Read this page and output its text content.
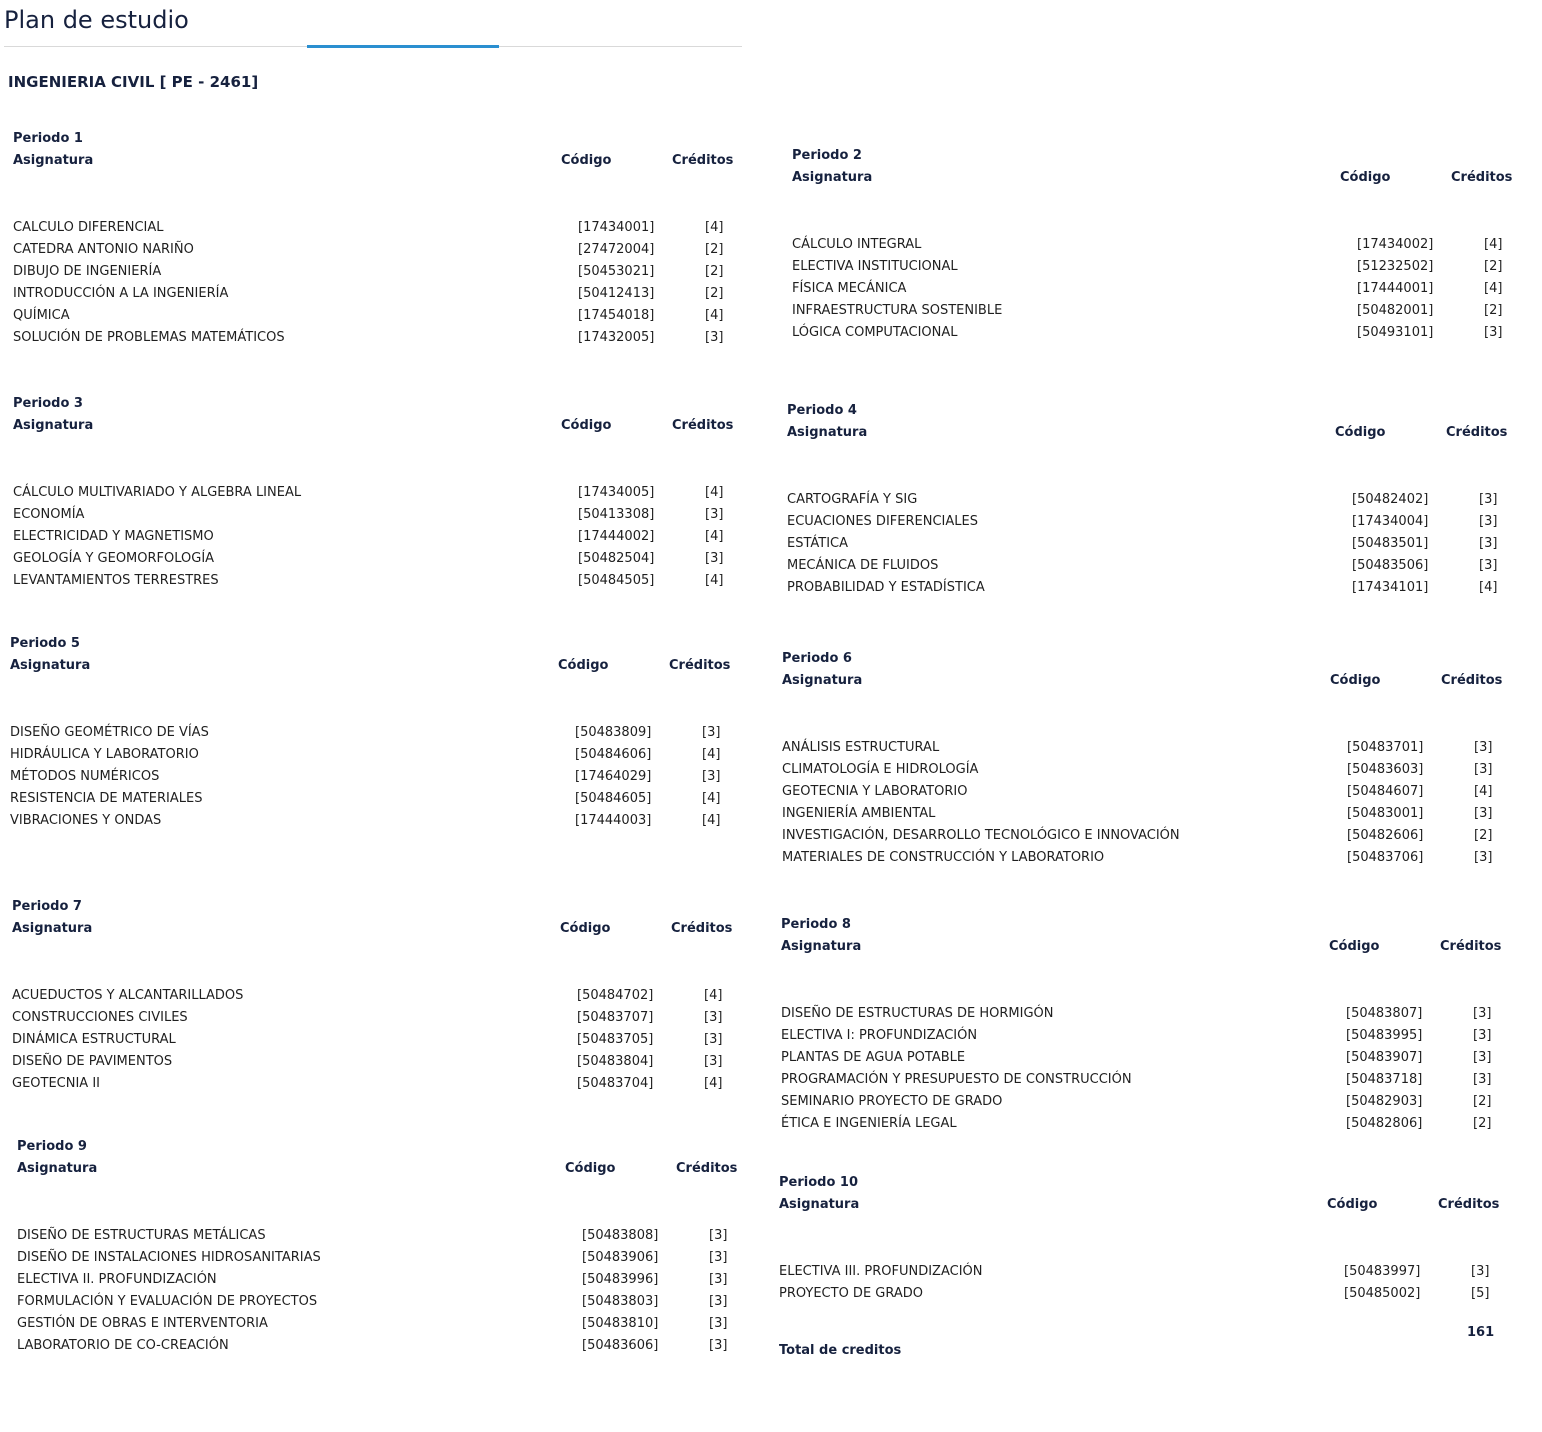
Plan de estudio
INGENIERIA CIVIL [ PE - 2461]
Periodo 1
Asignatura	Código	Créditos
CALCULO DIFERENCIAL	[17434001]	[4]
CATEDRA ANTONIO NARIÑO	[27472004]	[2]
DIBUJO DE INGENIERÍA	[50453021]	[2]
INTRODUCCIÓN A LA INGENIERÍA	[50412413]	[2]
QUÍMICA	[17454018]	[4]
SOLUCIÓN DE PROBLEMAS MATEMÁTICOS	[17432005]	[3]
Periodo 2
Asignatura	Código	Créditos
CÁLCULO INTEGRAL	[17434002]	[4]
ELECTIVA INSTITUCIONAL	[51232502]	[2]
FÍSICA MECÁNICA	[17444001]	[4]
INFRAESTRUCTURA SOSTENIBLE	[50482001]	[2]
LÓGICA COMPUTACIONAL	[50493101]	[3]
Periodo 3
Asignatura	Código	Créditos
CÁLCULO MULTIVARIADO Y ALGEBRA LINEAL	[17434005]	[4]
ECONOMÍA	[50413308]	[3]
ELECTRICIDAD Y MAGNETISMO	[17444002]	[4]
GEOLOGÍA Y GEOMORFOLOGÍA	[50482504]	[3]
LEVANTAMIENTOS TERRESTRES	[50484505]	[4]
Periodo 4
Asignatura	Código	Créditos
CARTOGRAFÍA Y SIG	[50482402]	[3]
ECUACIONES DIFERENCIALES	[17434004]	[3]
ESTÁTICA	[50483501]	[3]
MECÁNICA DE FLUIDOS	[50483506]	[3]
PROBABILIDAD Y ESTADÍSTICA	[17434101]	[4]
Periodo 5
Asignatura	Código	Créditos
DISEÑO GEOMÉTRICO DE VÍAS	[50483809]	[3]
HIDRÁULICA Y LABORATORIO	[50484606]	[4]
MÉTODOS NUMÉRICOS	[17464029]	[3]
RESISTENCIA DE MATERIALES	[50484605]	[4]
VIBRACIONES Y ONDAS	[17444003]	[4]
Periodo 6
Asignatura	Código	Créditos
ANÁLISIS ESTRUCTURAL	[50483701]	[3]
CLIMATOLOGÍA E HIDROLOGÍA	[50483603]	[3]
GEOTECNIA Y LABORATORIO	[50484607]	[4]
INGENIERÍA AMBIENTAL	[50483001]	[3]
INVESTIGACIÓN, DESARROLLO TECNOLÓGICO E INNOVACIÓN	[50482606]	[2]
MATERIALES DE CONSTRUCCIÓN Y LABORATORIO	[50483706]	[3]
Periodo 7
Asignatura	Código	Créditos
ACUEDUCTOS Y ALCANTARILLADOS	[50484702]	[4]
CONSTRUCCIONES CIVILES	[50483707]	[3]
DINÁMICA ESTRUCTURAL	[50483705]	[3]
DISEÑO DE PAVIMENTOS	[50483804]	[3]
GEOTECNIA II	[50483704]	[4]
Periodo 8
Asignatura	Código	Créditos
DISEÑO DE ESTRUCTURAS DE HORMIGÓN	[50483807]	[3]
ELECTIVA I: PROFUNDIZACIÓN	[50483995]	[3]
PLANTAS DE AGUA POTABLE	[50483907]	[3]
PROGRAMACIÓN Y PRESUPUESTO DE CONSTRUCCIÓN	[50483718]	[3]
SEMINARIO PROYECTO DE GRADO	[50482903]	[2]
ÉTICA E INGENIERÍA LEGAL	[50482806]	[2]
Periodo 9
Asignatura	Código	Créditos
DISEÑO DE ESTRUCTURAS METÁLICAS	[50483808]	[3]
DISEÑO DE INSTALACIONES HIDROSANITARIAS	[50483906]	[3]
ELECTIVA II. PROFUNDIZACIÓN	[50483996]	[3]
FORMULACIÓN Y EVALUACIÓN DE PROYECTOS	[50483803]	[3]
GESTIÓN DE OBRAS E INTERVENTORIA	[50483810]	[3]
LABORATORIO DE CO-CREACIÓN	[50483606]	[3]
Periodo 10
Asignatura	Código	Créditos
ELECTIVA III. PROFUNDIZACIÓN	[50483997]	[3]
PROYECTO DE GRADO	[50485002]	[5]
Total de creditos
161
